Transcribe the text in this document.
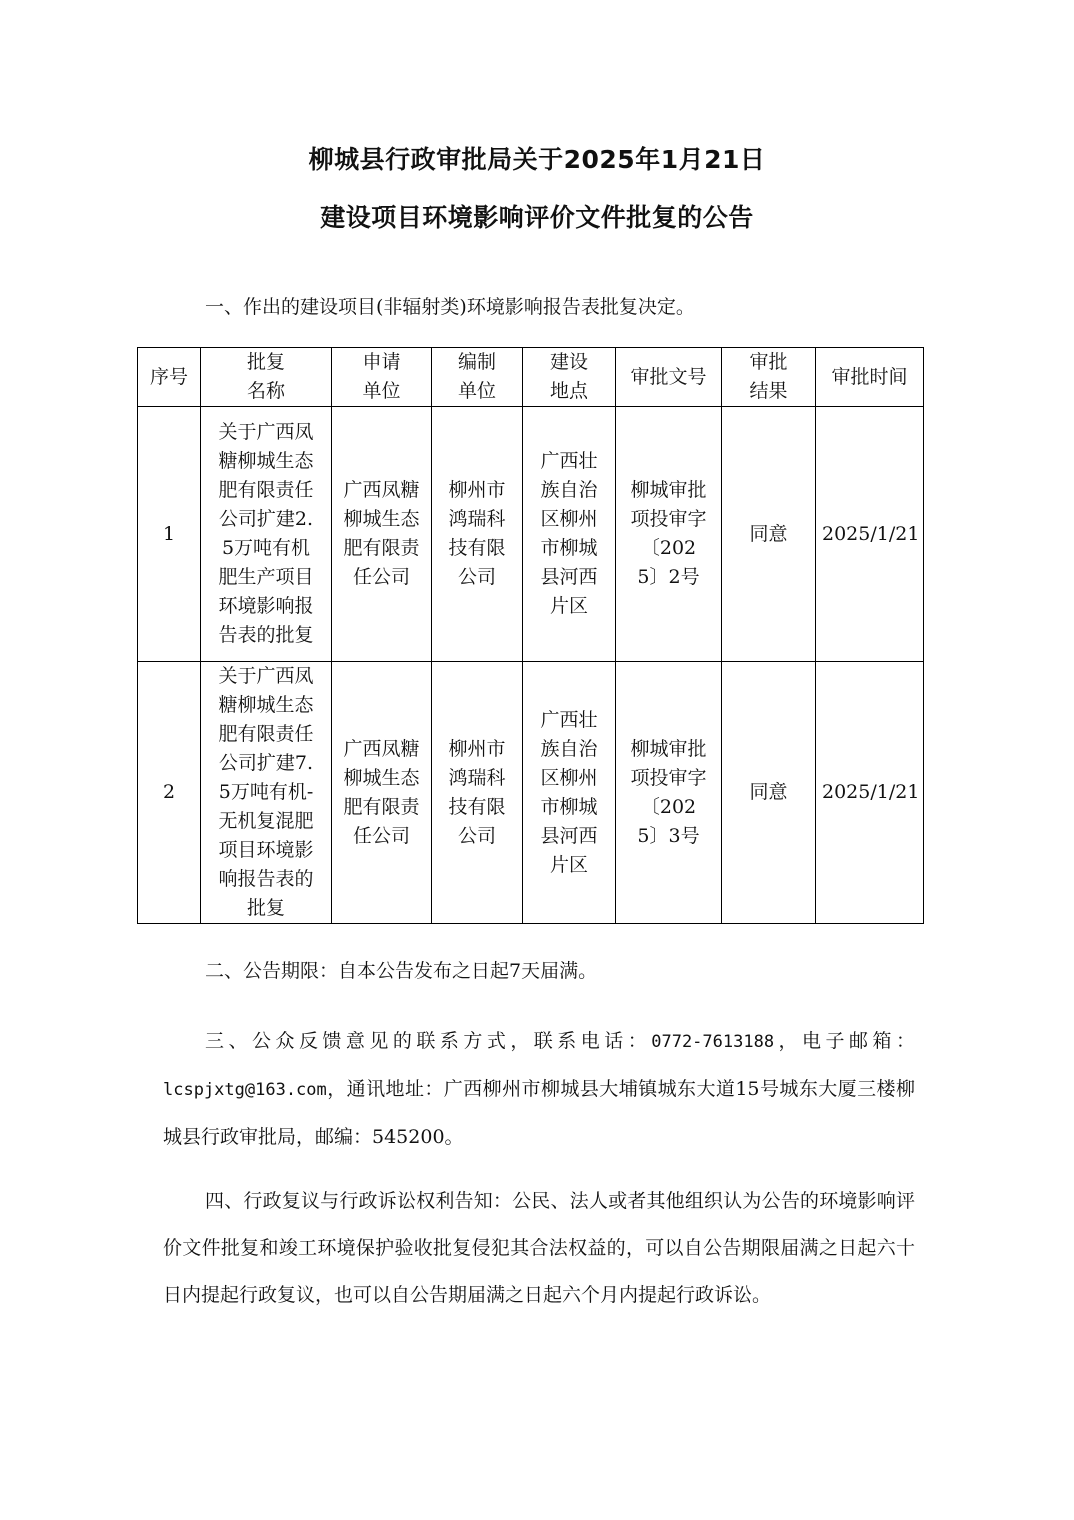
柳城县行政审批局关于2025年1月21日
建设项目环境影响评价文件批复的公告
一、作出的建设项目(非辐射类)环境影响报告表批复决定。
序号	批复名称	申请单位	编制单位	建设地点	审批文号	审批结果	审批时间

1	关于广西凤糖柳城生态肥有限责任公司扩建2.5万吨有机肥生产项目环境影响报告表的批复	广西凤糖柳城生态肥有限责任公司	柳州市鸿瑞科技有限公司	广西壮族自治区柳州市柳城县河西片区	柳城审批项投审字〔2025〕2号	同意	2025/1/21
2	关于广西凤糖柳城生态肥有限责任公司扩建7.5万吨有机-无机复混肥项目环境影响报告表的批复	广西凤糖柳城生态肥有限责任公司	柳州市鸿瑞科技有限公司	广西壮族自治区柳州市柳城县河西片区	柳城审批项投审字〔2025〕3号	同意	2025/1/21
二、公告期限：自本公告发布之日起7天届满。
三、公众反馈意见的联系方式，联系电话：0772-7613188，电子邮箱：lcspjxtg@163.com，通讯地址：广西柳州市柳城县大埔镇城东大道15号城东大厦三楼柳城县行政审批局，邮编：545200。
四、行政复议与行政诉讼权利告知：公民、法人或者其他组织认为公告的环境影响评价文件批复和竣工环境保护验收批复侵犯其合法权益的，可以自公告期限届满之日起六十日内提起行政复议，也可以自公告期届满之日起六个月内提起行政诉讼。
